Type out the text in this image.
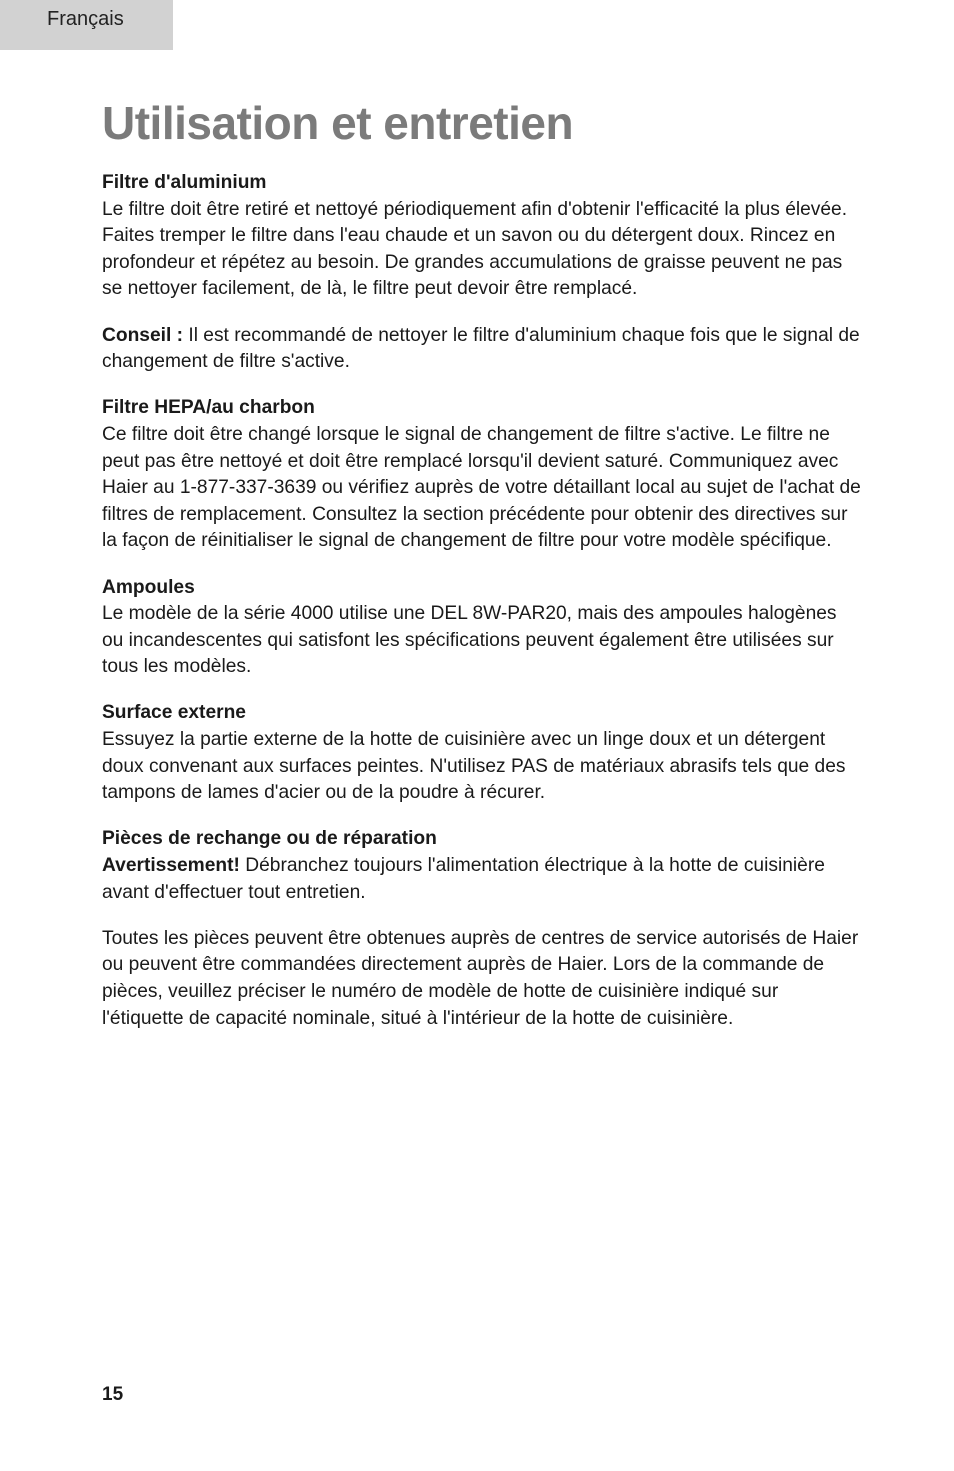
Français
Utilisation et entretien
Filtre d'aluminium

Le filtre doit être retiré et nettoyé périodiquement afin d'obtenir l'efficacité la plus élevée. Faites tremper le filtre dans l'eau chaude et un savon ou du détergent doux. Rincez en profondeur et répétez au besoin. De grandes accumulations de graisse peuvent ne pas se nettoyer facilement, de là, le filtre peut devoir être remplacé.

Conseil : Il est recommandé de nettoyer le filtre d'aluminium chaque fois que le signal de changement de filtre s'active.

Filtre HEPA/au charbon

Ce filtre doit être changé lorsque le signal de changement de filtre s'active. Le filtre ne peut pas être nettoyé et doit être remplacé lorsqu'il devient saturé. Communiquez avec Haier au 1-877-337-3639 ou vérifiez auprès de votre détaillant local au sujet de l'achat de filtres de remplacement. Consultez la section précédente pour obtenir des directives sur la façon de réinitialiser le signal de changement de filtre pour votre modèle spécifique.

Ampoules

Le modèle de la série 4000 utilise une DEL 8W-PAR20, mais des ampoules halogènes ou incandescentes qui satisfont les spécifications peuvent également être utilisées sur tous les modèles.

Surface externe

Essuyez la partie externe de la hotte de cuisinière avec un linge doux et un détergent doux convenant aux surfaces peintes. N'utilisez PAS de matériaux abrasifs tels que des tampons de lames d'acier ou de la poudre à récurer.

Pièces de rechange ou de réparation

Avertissement! Débranchez toujours l'alimentation électrique à la hotte de cuisinière avant d'effectuer tout entretien.

Toutes les pièces peuvent être obtenues auprès de centres de service autorisés de Haier ou peuvent être commandées directement auprès de Haier. Lors de la commande de pièces, veuillez préciser le numéro de modèle de hotte de cuisinière indiqué sur l'étiquette de capacité nominale, situé à l'intérieur de la hotte de cuisinière.

15
